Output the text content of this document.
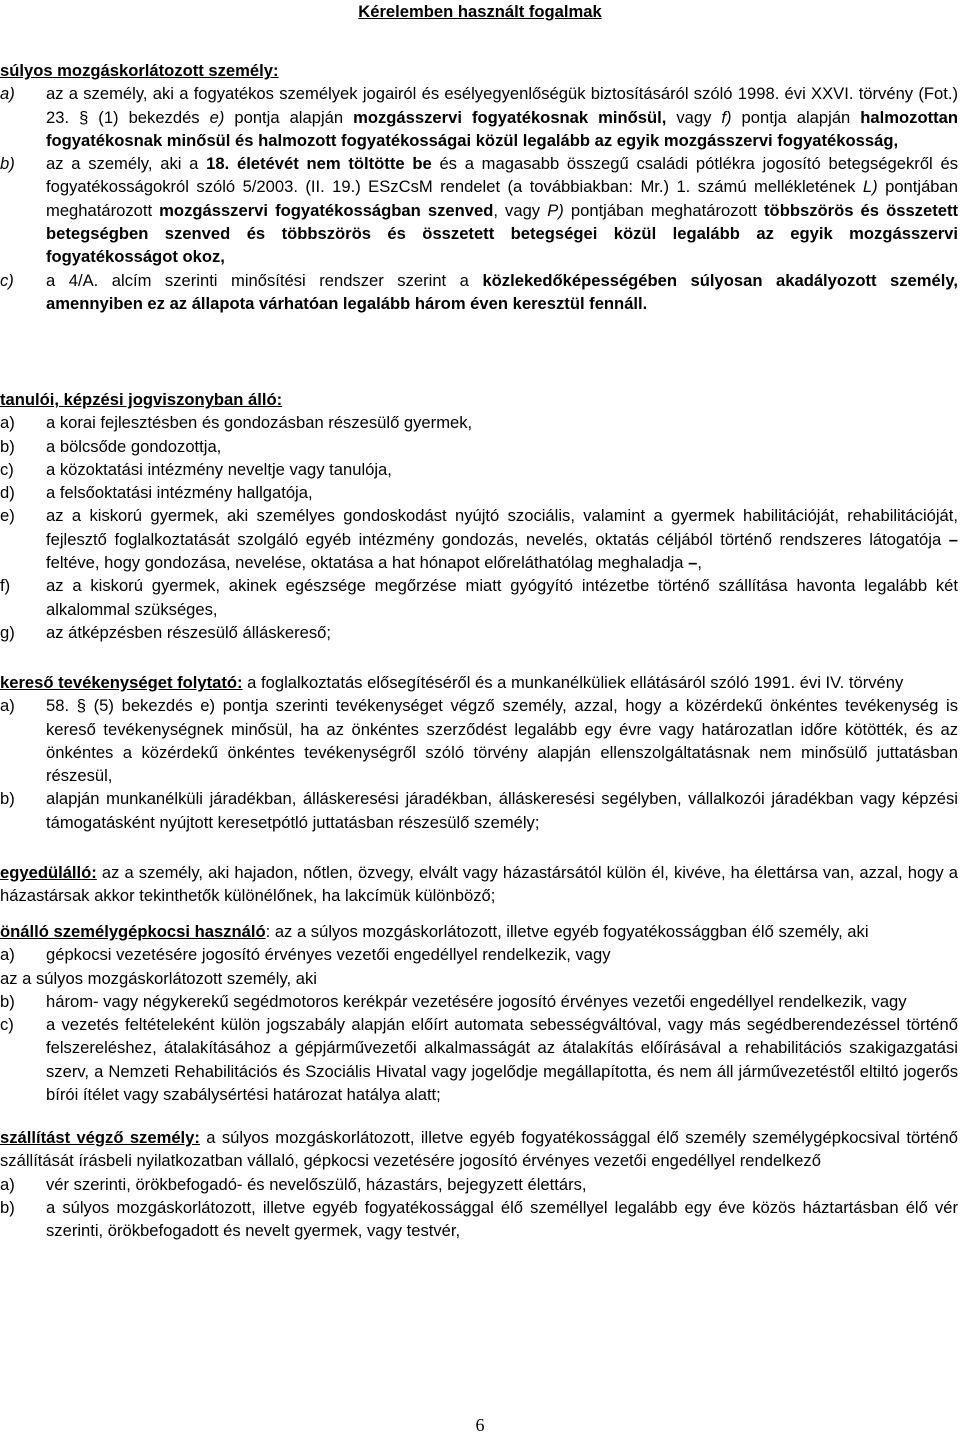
Kérelemben használt fogalmak
súlyos mozgáskorlátozott személy:
a)	az a személy, aki a fogyatékos személyek jogairól és esélyegyenlőségük biztosításáról szóló 1998. évi XXVI. törvény (Fot.) 23. § (1) bekezdés e) pontja alapján mozgásszervi fogyatékosnak minősül, vagy f) pontja alapján halmozottan fogyatékosnak minősül és halmozott fogyatékosságai közül legalább az egyik mozgásszervi fogyatékosság,
b)	az a személy, aki a 18. életévét nem töltötte be és a magasabb összegű családi pótlékra jogosító betegségekről és fogyatékosságokról szóló 5/2003. (II. 19.) ESzCsM rendelet (a továbbiakban: Mr.) 1. számú mellékletének L) pontjában meghatározott mozgásszervi fogyatékosságban szenved, vagy P) pontjában meghatározott többszörös és összetett betegségben szenved és többszörös és összetett betegségei közül legalább az egyik mozgásszervi fogyatékosságot okoz,
c)	a 4/A. alcím szerinti minősítési rendszer szerint a közlekedőképességében súlyosan akadályozott személy, amennyiben ez az állapota várhatóan legalább három éven keresztül fennáll.
tanulói, képzési jogviszonyban álló:
a)	a korai fejlesztésben és gondozásban részesülő gyermek,
b)	a bölcsőde gondozottja,
c)	a közoktatási intézmény neveltje vagy tanulója,
d)	a felsőoktatási intézmény hallgatója,
e)	az a kiskorú gyermek, aki személyes gondoskodást nyújtó szociális, valamint a gyermek habilitációját, rehabilitációját, fejlesztő foglalkoztatását szolgáló egyéb intézmény gondozás, nevelés, oktatás céljából történő rendszeres látogatója – feltéve, hogy gondozása, nevelése, oktatása a hat hónapot előreláthatólag meghaladja –,
f)	az a kiskorú gyermek, akinek egészsége megőrzése miatt gyógyító intézetbe történő szállítása havonta legalább két alkalommal szükséges,
g)	az átképzésben részesülő álláskereső;
kereső tevékenységet folytató: a foglalkoztatás elősegítéséről és a munkanélküliek ellátásáról szóló 1991. évi IV. törvény
a)	58. § (5) bekezdés e) pontja szerinti tevékenységet végző személy, azzal, hogy a közérdekű önkéntes tevékenység is kereső tevékenységnek minősül, ha az önkéntes szerződést legalább egy évre vagy határozatlan időre kötötték, és az önkéntes a közérdekű önkéntes tevékenységről szóló törvény alapján ellenszolgáltatásnak nem minősülő juttatásban részesül,
b)	alapján munkanélküli járadékban, álláskeresési járadékban, álláskeresési segélyben, vállalkozói járadékban vagy képzési támogatásként nyújtott keresetpótló juttatásban részesülő személy;
egyedülálló: az a személy, aki hajadon, nőtlen, özvegy, elvált vagy házastársától külön él, kivéve, ha élettársa van, azzal, hogy a házastársak akkor tekinthetők különélőnek, ha lakcímük különböző;
önálló személygépkocsi használó: az a súlyos mozgáskorlátozott, illetve egyéb fogyatékossággban élő személy, aki
a)	gépkocsi vezetésére jogosító érvényes vezetői engedéllyel rendelkezik, vagy
az a súlyos mozgáskorlátozott személy, aki
b)	három- vagy négykerekű segédmotoros kerékpár vezetésére jogosító érvényes vezetői engedéllyel rendelkezik, vagy
c)	a vezetés feltételeként külön jogszabály alapján előírt automata sebességváltóval, vagy más segédberendezéssel történő felszereléshez, átalakításához a gépjárművezetői alkalmasságát az átalakítás előírásával a rehabilitációs szakigazgatási szerv, a Nemzeti Rehabilitációs és Szociális Hivatal vagy jogelődje megállapította, és nem áll járművezetéstől eltiltó jogerős bírói ítélet vagy szabálysértési határozat hatálya alatt;
szállítást végző személy: a súlyos mozgáskorlátozott, illetve egyéb fogyatékossággal élő személy személygépkocsival történő szállítását írásbeli nyilatkozatban vállaló, gépkocsi vezetésére jogosító érvényes vezetői engedéllyel rendelkező
a)	vér szerinti, örökbefogadó- és nevelőszülő, házastárs, bejegyzett élettárs,
b)	a súlyos mozgáskorlátozott, illetve egyéb fogyatékossággal élő személlyel legalább egy éve közös háztartásban élő vér szerinti, örökbefogadott és nevelt gyermek, vagy testvér,
6
